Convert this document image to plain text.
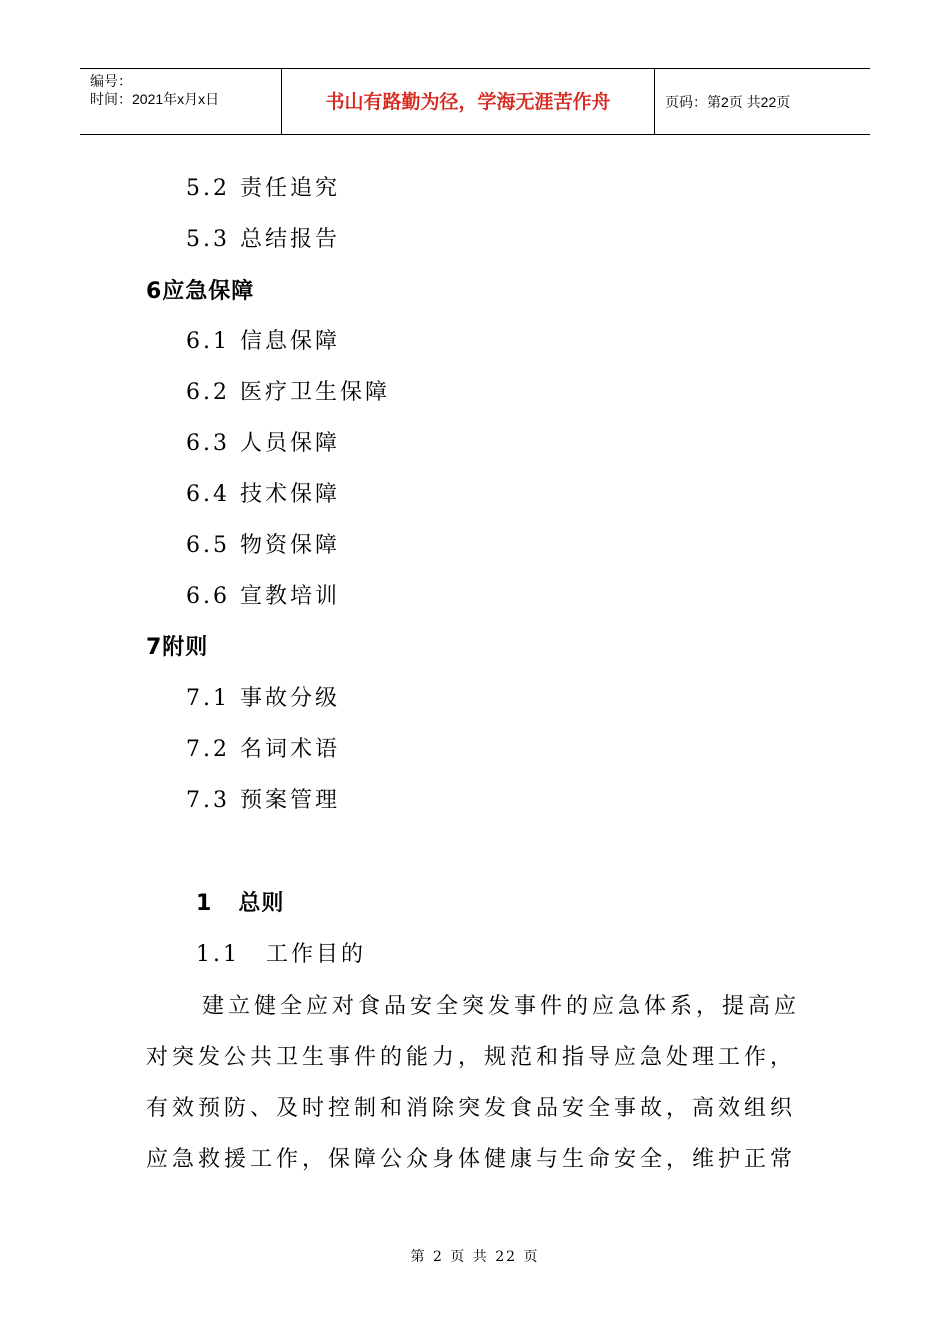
编号：
时间：2021年x月x日	书山有路勤为径，学海无涯苦作舟	页码：第2页 共22页
5.2 责任追究
5.3 总结报告
6应急保障
6.1 信息保障
6.2 医疗卫生保障
6.3 人员保障
6.4 技术保障
6.5 物资保障
6.6 宣教培训
7附则
7.1 事故分级
7.2 名词术语
7.3 预案管理
1 总则
1.1 工作目的
建立健全应对食品安全突发事件的应急体系，提高应对突发公共卫生事件的能力，规范和指导应急处理工作，有效预防、及时控制和消除突发食品安全事故，高效组织应急救援工作，保障公众身体健康与生命安全，维护正常
第 2 页 共 22 页
